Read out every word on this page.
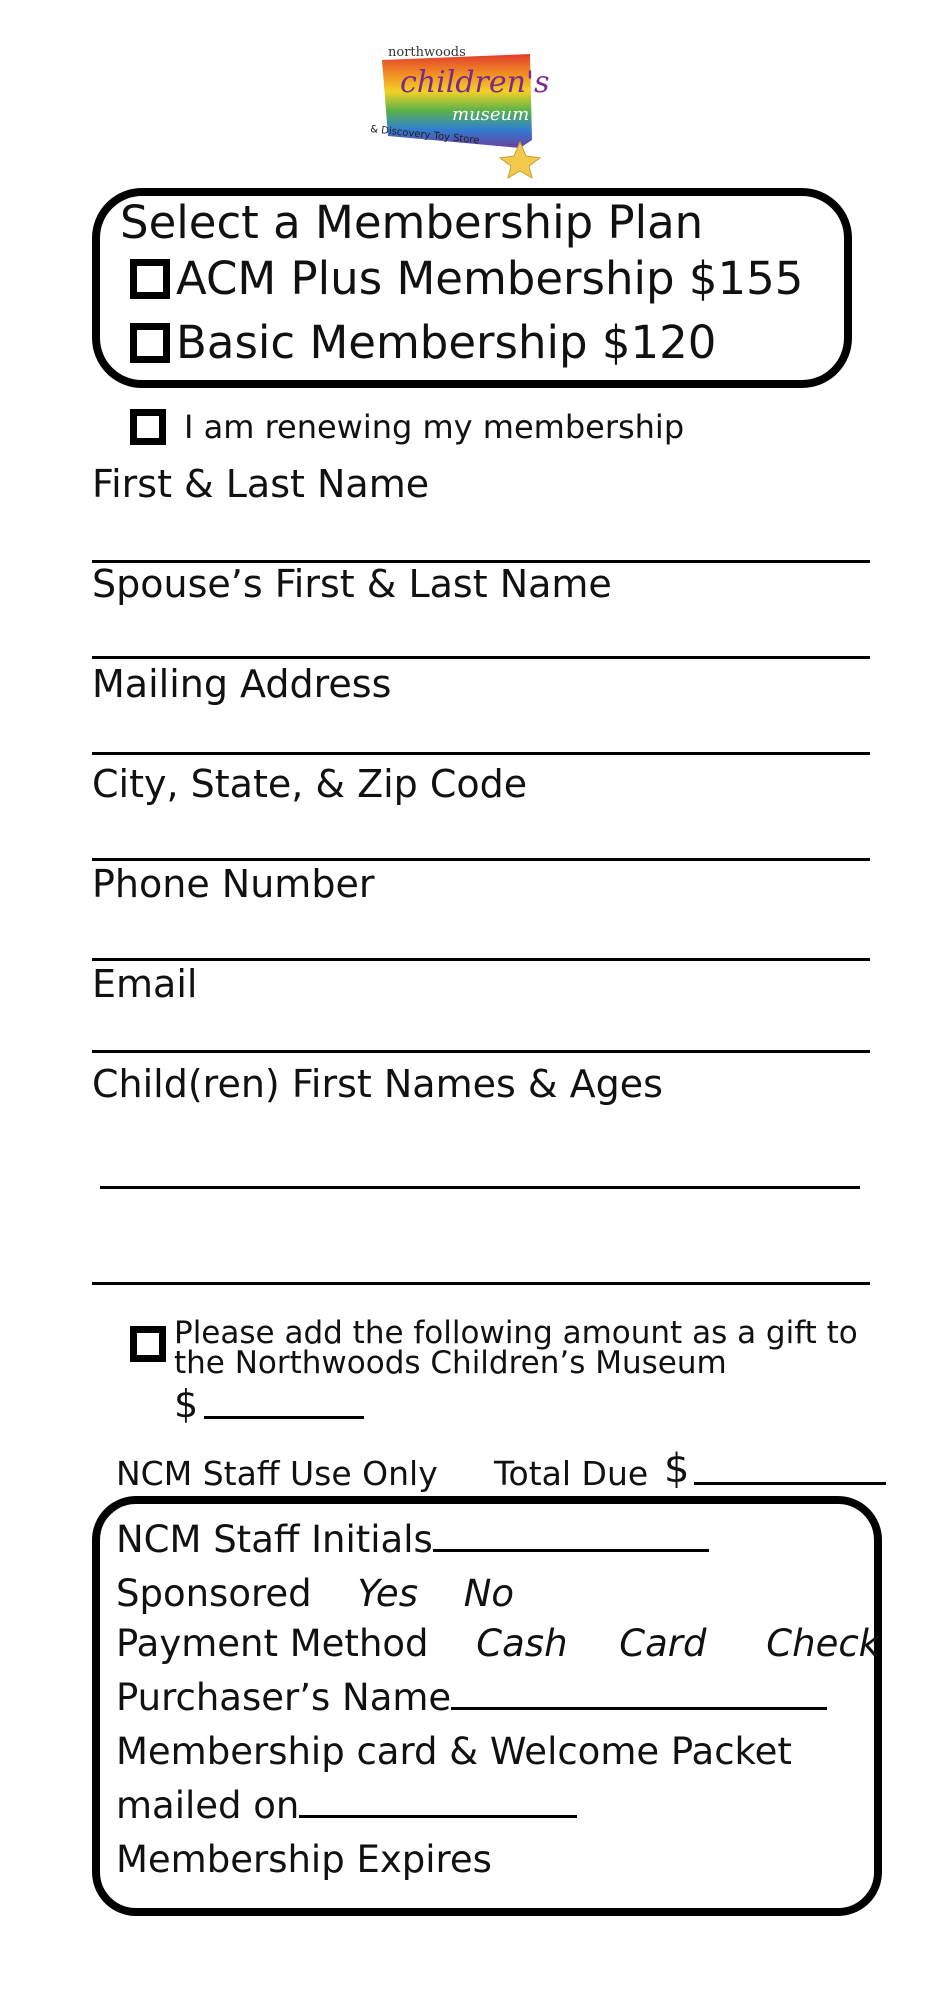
northwoods
children's
museum
& Discovery Toy Store
Select a Membership Plan
ACM Plus Membership $155
Basic Membership $120
I am renewing my membership
First & Last Name
Spouse’s First & Last Name
Mailing Address
City, State, & Zip Code
Phone Number
Email
Child(ren) First Names & Ages
Please add the following amount as a gift to the Northwoods Children’s Museum
$
NCM Staff Use Only Total Due $
NCM Staff Initials
Sponsored Yes No
Payment Method Cash Card Check
Purchaser’s Name
Membership card & Welcome Packet
mailed on
Membership Expires
